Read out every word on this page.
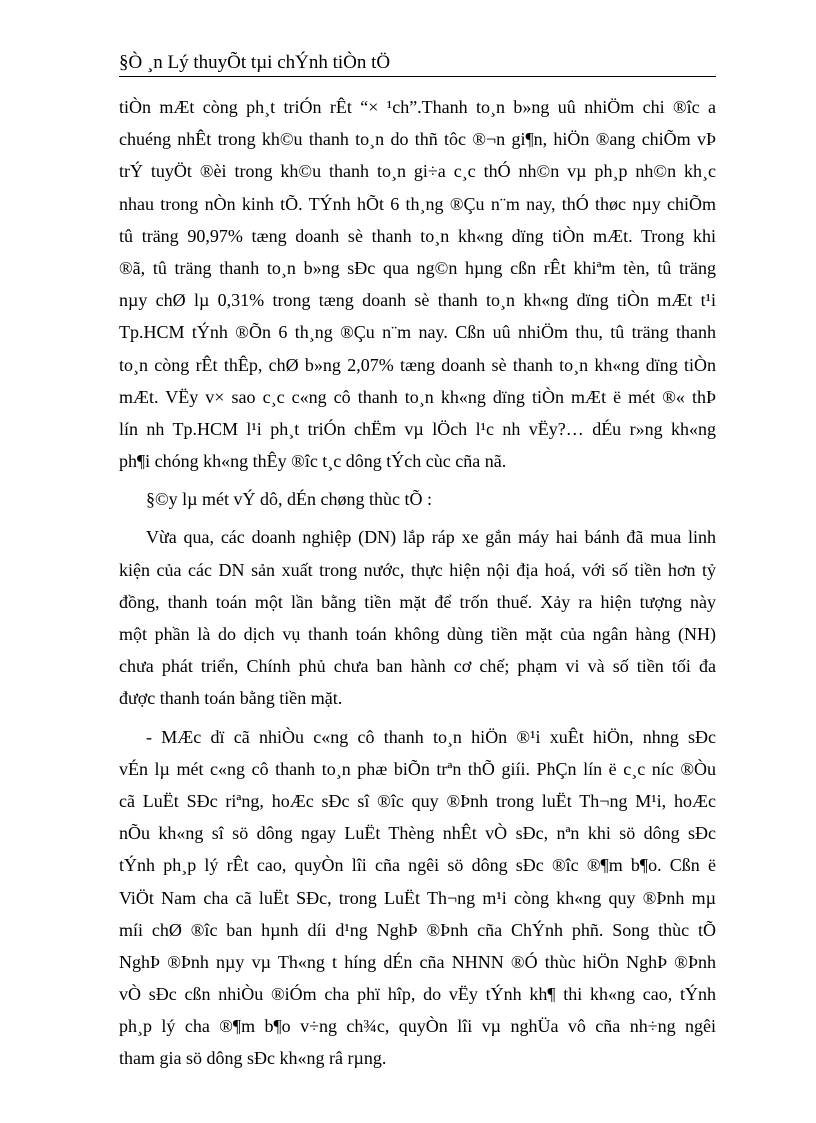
§Ò ¸n Lý thuyÕt tµi chÝnh tiÒn tÖ
tiÒn mÆt còng ph¸t triÓn rÊt “× ¹ch”.Thanh to¸n b»ng uû nhiÖm chi ®îc a
chuéng nhÊt trong kh©u thanh to¸n do thñ tôc ®¬n gi¶n, hiÖn ®ang chiÕm vÞ
trÝ tuyÖt ®èi trong kh©u thanh to¸n gi÷a c¸c thÓ nh©n vµ ph¸p nh©n kh¸c
nhau trong nÒn kinh tÕ. TÝnh hÕt 6 th¸ng ®Çu n¨m nay, thÓ thøc nµy chiÕm
tû träng 90,97% tæng doanh sè thanh to¸n kh«ng dïng tiÒn mÆt. Trong khi
®ã, tû träng thanh to¸n b»ng sÐc qua ng©n hµng cßn rÊt khiªm tèn, tû träng
nµy chØ lµ 0,31% trong tæng doanh sè thanh to¸n kh«ng dïng tiÒn mÆt t¹i
Tp.HCM tÝnh ®Õn 6 th¸ng ®Çu n¨m nay. Cßn uû nhiÖm thu, tû träng thanh
to¸n còng rÊt thÊp, chØ b»ng 2,07% tæng doanh sè thanh to¸n kh«ng dïng tiÒn
mÆt. VËy v× sao c¸c c«ng cô thanh to¸n kh«ng dïng tiÒn mÆt ë mét ®« thÞ
lín nh Tp.HCM l¹i ph¸t triÓn chËm vµ lÖch l¹c nh vËy?… dÉu r»ng kh«ng
ph¶i chóng kh«ng thÊy ®îc t¸c dông tÝch cùc cña nã.
§©y lµ mét vÝ dô, dÉn chøng thùc tÕ :
Vừa qua, các doanh nghiệp (DN) lắp ráp xe gắn máy hai bánh đã mua linh
kiện của các DN sản xuất trong nước, thực hiện nội địa hoá, với số tiền hơn tỷ
đồng, thanh toán một lần bằng tiền mặt để trốn thuế. Xảy ra hiện tượng này
một phần là do dịch vụ thanh toán không dùng tiền mặt của ngân hàng (NH)
chưa phát triển, Chính phủ chưa ban hành cơ chế; phạm vi và số tiền tối đa
được thanh toán bằng tiền mặt.
- MÆc dï cã nhiÒu c«ng cô thanh to¸n hiÖn ®¹i xuÊt hiÖn, nhng sÐc
vÉn lµ mét c«ng cô thanh to¸n phæ biÕn trªn thÕ giíi. PhÇn lín ë c¸c níc ®Òu
cã LuËt SÐc riªng, hoÆc sÐc sî ®îc quy ®Þnh trong luËt Th¬ng M¹i, hoÆc
nÕu kh«ng sî sö dông ngay LuËt Thèng nhÊt vÒ sÐc, nªn khi sö dông sÐc
tÝnh ph¸p lý rÊt cao, quyÒn lîi cña ngêi sö dông sÐc ®îc ®¶m b¶o. Cßn ë
ViÖt Nam cha cã luËt SÐc, trong LuËt Th¬ng m¹i còng kh«ng quy ®Þnh mµ
míi chØ ®îc ban hµnh díi d¹ng NghÞ ®Þnh cña ChÝnh phñ. Song thùc tÕ
NghÞ ®Þnh nµy vµ Th«ng t híng dÉn cña NHNN ®Ó thùc hiÖn NghÞ ®Þnh
vÒ sÐc cßn nhiÒu ®iÓm cha phï hîp, do vËy tÝnh kh¶ thi kh«ng cao, tÝnh
ph¸p lý cha ®¶m b¶o v÷ng ch¾c, quyÒn lîi vµ nghÜa vô cña nh÷ng ngêi
tham gia sö dông sÐc kh«ng râ rµng.
